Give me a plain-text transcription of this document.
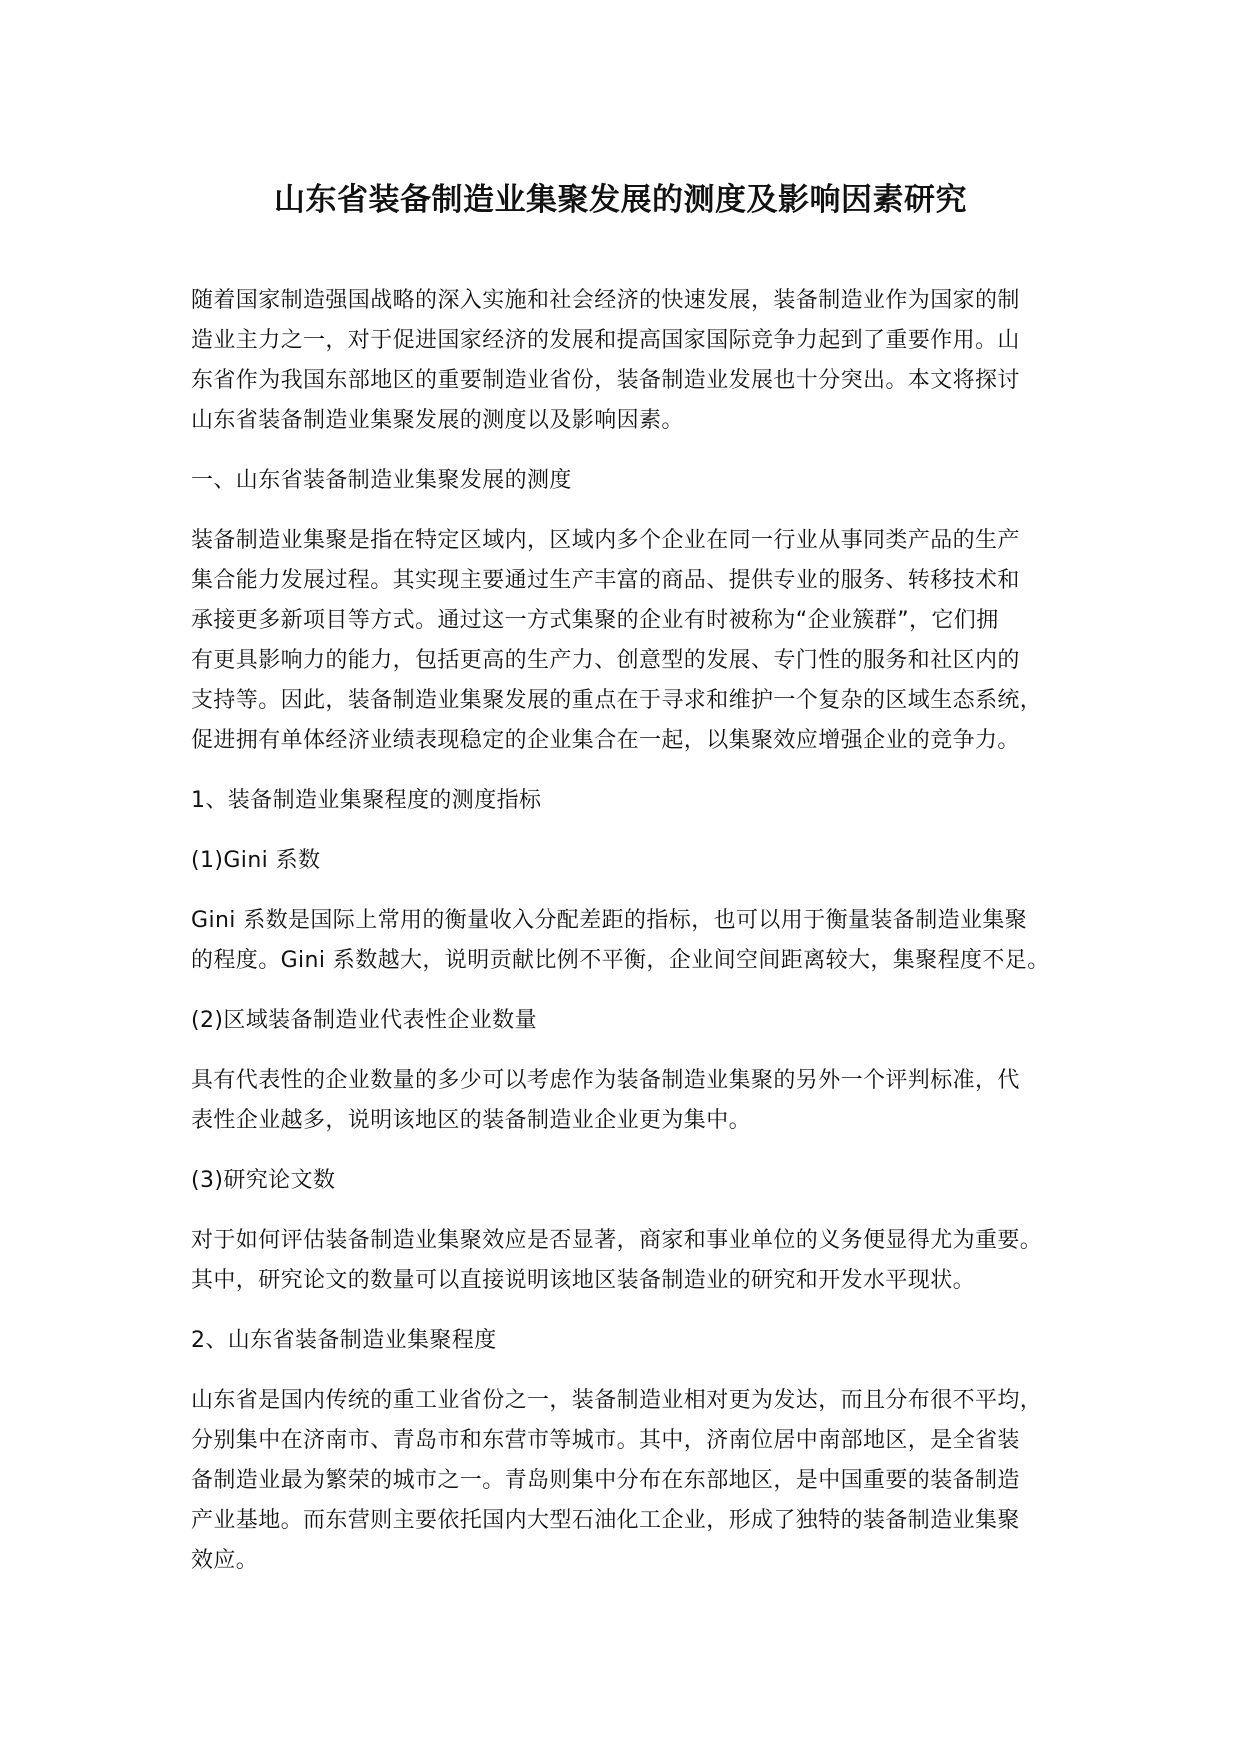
山东省装备制造业集聚发展的测度及影响因素研究
随着国家制造强国战略的深入实施和社会经济的快速发展，装备制造业作为国家的制
造业主力之一，对于促进国家经济的发展和提高国家国际竞争力起到了重要作用。山
东省作为我国东部地区的重要制造业省份，装备制造业发展也十分突出。本文将探讨
山东省装备制造业集聚发展的测度以及影响因素。
一、山东省装备制造业集聚发展的测度
装备制造业集聚是指在特定区域内，区域内多个企业在同一行业从事同类产品的生产
集合能力发展过程。其实现主要通过生产丰富的商品、提供专业的服务、转移技术和
承接更多新项目等方式。通过这一方式集聚的企业有时被称为“企业簇群”，它们拥
有更具影响力的能力，包括更高的生产力、创意型的发展、专门性的服务和社区内的
支持等。因此，装备制造业集聚发展的重点在于寻求和维护一个复杂的区域生态系统，
促进拥有单体经济业绩表现稳定的企业集合在一起，以集聚效应增强企业的竞争力。
1、装备制造业集聚程度的测度指标
(1)Gini 系数
Gini 系数是国际上常用的衡量收入分配差距的指标，也可以用于衡量装备制造业集聚
的程度。Gini 系数越大，说明贡献比例不平衡，企业间空间距离较大，集聚程度不足。
(2)区域装备制造业代表性企业数量
具有代表性的企业数量的多少可以考虑作为装备制造业集聚的另外一个评判标准，代
表性企业越多，说明该地区的装备制造业企业更为集中。
(3)研究论文数
对于如何评估装备制造业集聚效应是否显著，商家和事业单位的义务便显得尤为重要。
其中，研究论文的数量可以直接说明该地区装备制造业的研究和开发水平现状。
2、山东省装备制造业集聚程度
山东省是国内传统的重工业省份之一，装备制造业相对更为发达，而且分布很不平均，
分别集中在济南市、青岛市和东营市等城市。其中，济南位居中南部地区，是全省装
备制造业最为繁荣的城市之一。青岛则集中分布在东部地区，是中国重要的装备制造
产业基地。而东营则主要依托国内大型石油化工企业，形成了独特的装备制造业集聚
效应。
